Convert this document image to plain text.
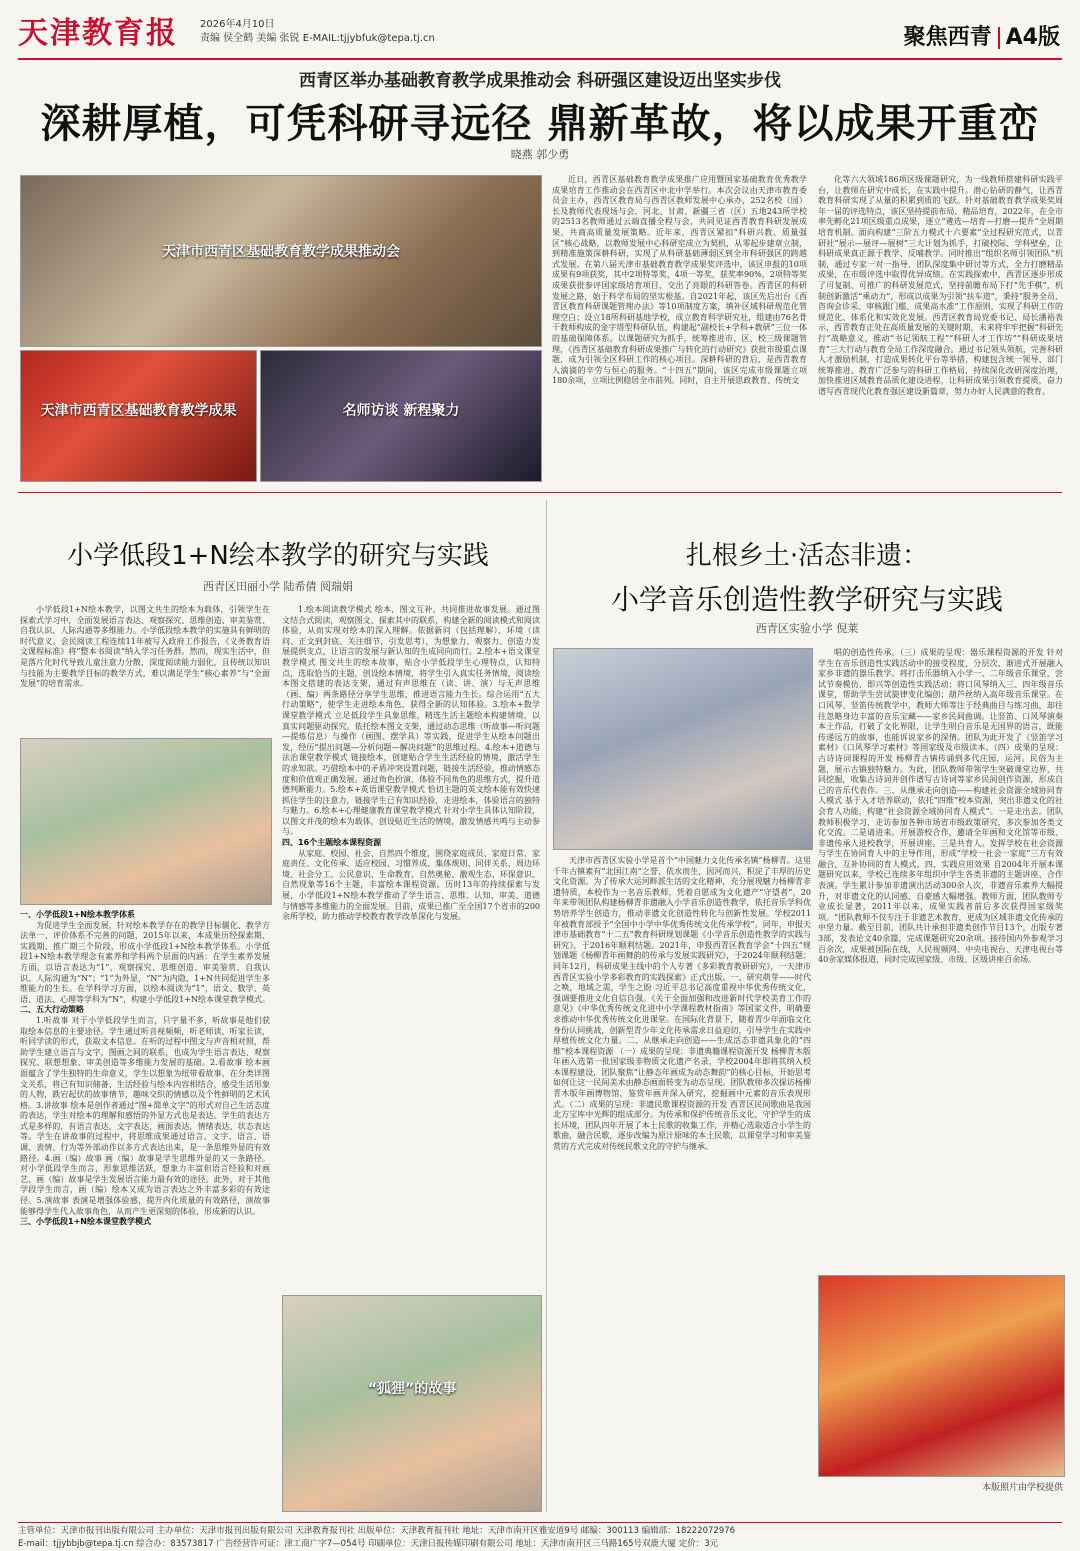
天津教育报	2026年4月10日
责编 侯全鹤 美编 张锐 E-MAIL:tjjybfuk@tepa.tj.cn	聚焦西青 A4版
西青区举办基础教育教学成果推动会 科研强区建设迈出坚实步伐
深耕厚植，可凭科研寻远径 鼎新革故，将以成果开重峦
晓燕 郭少勇
天津市西青区基础教育教学成果推动会
天津市西青区基础教育教学成果	名师访谈 新程聚力

近日，西青区基础教育教学成果推广应用暨国家基础教育优秀教学成果培育工作推动会在西青区中北中学举行。本次会议由天津市教育委员会主办，西青区教育局与西青区教师发展中心承办，252名校（园）长及教师代表现场与会，河北、甘肃、新疆三省（区）五地243所学校的2513名教师通过云端直播全程与会，共同见证西青教育科研发展成果，共商高质量发展策略。近年来，西青区紧扣“科研兴教、质量强区”核心战略，以教师发展中心科研室成立为契机，从零起步建章立制，到精准施策深耕科研，实现了从科研基础薄弱区到全市科研强区的跨越式发展。在第八届天津市基础教育教学成果奖评选中，该区申报的10项成果有9项获奖，其中2项特等奖、4项一等奖，获奖率90%，2项特等奖成果获批参评国家级培育项目，交出了亮眼的科研答卷。西青区的科研发展之路，始于科学布局的坚实根基。自2021年起，该区先后出台《西青区教育科研课题管理办法》等10项制度方案，填补区域科研规范化管理空白；设立18所科研基地学校，成立教育科学研究社，组建由76名骨干教师构成的金字塔型科研队伍，构建起“副校长+学科+教研”三位一体的基础保障体系。以课题研究为抓手，统筹推进市、区、校三级课题管理，《西青区基础教育科研成果推广与转化的行动研究》获批市级重点课题，成为引领全区科研工作的核心项目。深耕科研的背后，是西青教育人滴滴的辛劳与恒心的服务。“十四五”期间，该区完成市级课题立项180余项，立项比例稳居全市前列。同时，自主开展思政教育、传统文

化等六大领域186项区级课题研究，为一线教师搭建科研实践平台，让教师在研究中成长，在实践中提升。潜心钻研的静气，让西青教育科研实现了从量的积累到质的飞跃。针对基础教育教学成果奖周年一届的评选特点，该区坚持提前布局、精品培育，2022年，在全市率先孵化21项区级重点成果，逐立“遴选—培育—打磨—提升”全周期培育机制。面向构建“三阶五力模式十六要素”全过程研究范式，以青研社“展示—展评—展树”三大计划为抓手，打破校际、学科壁垒，让科研成果真正源于教学、反哺教学。同时推出“组织名师引领团队”机制，通过专家一对一指导、团队深度集中研讨等方式，全力打磨精品成果，在市级评选中取得优异成绩。在实践探索中，西青区逐步形成了可复制、可推广的科研发展范式，坚持前瞻布局下打“先手棋”，机制创新激活“乘动力”，形成以成果为引领“扶车道”，秉持“服务全员、咨询会诊采、审核跟门槛、成果高水准”工作原则，实现了科研工作的规范化、体系化和实效化发展。西青区教育局党委书记、局长潘裕表示，西青教育正处在高质量发展的关键时期，未来将牢牢把握“科研先行”战略意义，推动“书记领航工程”“科研人才工作坊”“科研成果培育”三大行动与教育全局工作深度融合。通过书记领头领航，完善科研人才激励机制，打造成果转化平台等举措，构建包含统一领导、部门统筹推进、教育广泛参与的科研工作格局，持续深化改研深度治理，加快推进区域教育品质化建设进程，让科研成果引领教育提质，奋力谱写西青现代化教育强区建设新篇章，努力办好人民满意的教育。

小学低段1+N绘本教学的研究与实践
西青区田丽小学 陆希倩 阅瑞娟

小学低段1+N绘本教学，以图文共生的绘本为载体，引领学生在探索式学习中，全面发展语言表达、观察探究、思维创造、审美鉴赏、自我认识、人际沟通等多维能力。小学低段绘本教学的实施具有鲜明的时代意义。会民阅读工程连续11年被写入政府工作报告，《义务教育语文课程标准》将“整本书阅读”纳入学习任务群。然而，现实生活中，但是落片化时代导致儿童注意力分散，深度阅读能力弱化，且传统以知识与技能为主要教学目标的教学方式，难以满足学生“核心素养”与“全面发展”的培育需求。

一、小学低段1+N绘本教学体系

为促进学生全面发展，针对绘本教学存在的教学目标僵化、教学方法单一、评价体系不完善的问题，2015年以来，本成果历经探索期、实践期、推广期三个阶段，形成小学低段1+N绘本教学体系。小学低段1+N绘本教学理念有素养和学科两个层面的内涵：在学生素养发展方面，以语言表达为“1”，观察探究、思维创造、审美鉴赏、自我认识、人际沟通为“N”；“1”为外显，“N”为内隐，1+N共同促进学生多维能力的生长。在学科学习方面，以绘本阅读为“1”，语文、数学、英语、道法、心理等学科为“N”，构建小学低段1+N绘本课堂教学模式。

二、五大行动策略

1.听故事 对于小学低段学生而言，只字量不多，听故事是他们获取绘本信息的主要途径。学生通过听音视频频，听老师读，听家长读，听同学读的形式，获取文本信息。在听的过程中图文与声音相对照，帮助学生建立语言与文字，图画之间的联系，也成为学生语言表达、观察探究、联想想象、审美创造等多维能力发展的基础。2.看故事 绘本画面蕴含了学生独特的生命意义，学生以想象为纽带看故事，在分类详图文关系，将已有知识储备、生活经验与绘本内容相结合，感受生活形象的人物，跌宕起伏的故事情节，趣味交织的情感以及个性鲜明的艺术风格。3.讲故事 绘本是创作者通过“图+简单文字”的形式对自己生活态度的表达，学生对绘本的理解和感悟的外显方式也是表达。学生的表达方式是多样的，有语言表达，文字表达，画面表达，情绪表达，状态表达等。学生在讲故事的过程中，将思维成果通过语言、文字、语言、语调、表情、行为等外部动作以多方式表达出来，是一条思维外显的有效路径。4.画（编）故事 画（编）故事是学生思维外显的又一条路径。对小学低段学生而言，形象思维活跃，想象力丰富但语言经验和对画艺、画（编）故事是学生发展语言能力最有效的途径。此外，对于其他学段学生而言，画（编）绘本又成为语言表达之外丰富多彩的有效途径。5.演故事 表演是增强体验感，提升内化质量的有效路径，演故事能够得学生代入故事角色，从而产生更深刻的体验，形成新的认识。

三、小学低段1+N绘本课堂教学模式

1.绘本阅读教学模式 绘本，图文互补，共同推进故事发展。通过图文结合式阅读，观察图文、探索其中的联系，构建全新的阅读模式和阅读体验，从而实现对绘本的深入理解。依据新问（包括理解）、环境（读问、正文到封底、关注细节，引发思考），为想象力、观察力、创造力发展提供支点，让语言的发展与新认知的生成同向而行。2.绘本+语文课堂教学模式 图文共生的绘本故事，贴合小学低段学生心理特点，认知特点，选取恰当的主题，创设绘本情境，将学生引入真实任务情境，阅读绘本图文搭建的表达支架，通过有声思维在（读、讲、演）与无声思维（画、编）两条路径分享学生思维，推进语言能力生长。综合运用“五大行动策略”，使学生走进绘本角色，获得全新的认知体验。3.绘本+数学课堂教学模式 立足低段学生具象思维，精选生活主题绘本构建情境，以真实问题驱动探究。依托绘本图文支架，通过动态思维（听故事—听问题—提炼信息）与操作（画图、摆学具）等实践，促进学生从绘本问题出发，经历“提出问题—分析问题—解决问题”的思维过程。4.绘本+道德与法治课堂教学模式 链接绘本，创建贴合学生生活经验的情境，激活学生的求知欲。巧借绘本中的矛盾冲突设置问题，链接生活经验，推动情感态度和价值观正确发展。通过角色扮演、体验不同角色的思维方式，提升道德判断能力。5.绘本+英语课堂教学模式 恰切主题的英文绘本能有效快速抓住学生的注意力，链接学生已有知识经验，走进绘本，体验语言的独特与魅力。6.绘本+心理健康教育课堂教学模式 针对小学生具体认知阶段，以图文并茂的绘本为载体，创设贴近生活的情境，激发情感共鸣与主动参与。

四、16个主题绘本课程资源

从家庭、校园、社会、自然四个维度，围绕家庭成员、家庭日常、家庭责任、文化传承、适应校园、习惯养成、集体规则、同伴关系、周边环境、社会分工、公民意识、生命教育、自然奥秘、激观生态、环保意识、自然现象等16个主题，丰富绘本课程资源。历时13年的持续探索与发展，小学低段1+N绘本教学推动了学生语言、思维、认知、审美、道德与情感等多维能力的全面发展。目前，成果已推广至全国17个省市的200余所学校，助力推动学校教育教学改革深化与发展。

“狐狸”的故事
扎根乡土·活态非遗：
小学音乐创造性教学研究与实践
西青区实验小学 倪莱

天津市西青区实验小学是首个“中国魅力文化传承名镇”杨柳青。这里千年古镇素有“北国江南”之誉，依水而生，因河而兴，积淀了丰厚的历史文化资源。为了传承大运河畔派生活的文化精神，充分展现魅力杨柳青非遗特质，本校作为一名音乐教师，凭着自愿成为文化遗产“守望者”，20年来带领团队构建杨柳青非遗融入小学音乐创造性教学，依托音乐学科优势培养学生创造力，推动非遗文化创造性转化与创新性发展。学校2011年被教育部授予“全国中小学中华优秀传统文化传承学校”。同年，申报天津市基础教育“十二五”教育科研规划课题《小学音乐创造性教学的实践与研究》，于2016年顺利结题。2021年，申报西青区教育学会“十四五”规划课题《杨柳青年画舞韵的传承与发展实践研究》，于2024年顺利结题；同年12月，科研成果主线中的个人专著《多彩教育教研研究》，一天津市西青区实验小学多彩教育的实践探索》正式出版。一、研究萌芽——时代之唤，地域之需，学生之盼 习近平总书记高度重视中华优秀传统文化，强调要推进文化自信自强。《关于全面加强和改进新时代学校美育工作的意见》《中华优秀传统文化进中小学课程教材指南》等国家文件，明确要求推动中华优秀传统文化进课堂。在国际化背景下，随着青少年面临文化身份认同挑战，创新型青少年文化传承需求日益迫切，引导学生在实践中厚植传统文化力量。二、从继承走向创造——生成活态非遗具象化的“四维”校本课程资源 （一）成果的呈现：非遗典籍课程资源开发 杨柳青木版年画入选第一批国家级非物质文化遗产名录，学校2004年即将其纳入校本课程建设，团队聚焦“让静态年画成为动态舞韵”的核心目标，开始思考如何让这一民间美术由静态画面转变为动态呈现。团队教师多次探访杨柳青木版年画博物馆，鉴赏年画并深入研究，挖掘画中元素的音乐表现形式。（二）成果的呈现：非遗民歌课程资源的开发 西青区民间歌曲是我国北方宝库中光辉的组成部分。为传承和保护传统音乐文化，守护学生的成长环境，团队四年开展了本土民歌的收集工作，并精心选取适合小学生的歌曲，融合民歌，逐步改编为原汁原味的本土民歌，以课堂学习和审美鉴赏的方式完成对传统民歌文化的守护与继承。

唱的创造性传承。（三）成果的呈现：器乐课程资源的开发 针对学生在音乐创造性实践活动中的接受程度，分层次、渐进式开展融入家乡非遗的器乐教学。将打击乐器纳入小学一、二年级音乐课堂，尝试节奏模仿、即兴等创造性实践活动；将口风琴纳入三、四年级音乐课堂，帮助学生尝试旋律变化编创；葫芦丝纳入高年级音乐课堂。在口风琴、竖笛传统教学中，教师大师等注于经典曲目与练习曲，却往往忽略身边丰富的音乐宝藏——家乡民间曲调。让竖笛、口风琴演奏本土作品，打破了文化界限，让学生明白音乐是无国界的语言，既能传递远方的故事，也能诉说家乡的深情。团队为此开发了《竖笛学习素材》《口风琴学习素材》等国家级及市级读本。（四）成果的呈现：古诗诗词课程的开发 杨柳青古镇传诵到多代庄园，运河。民俗为主题，展示古镇独特魅力。为此，团队教师带领学生突破课堂边界，共同挖掘，收集古诗词并创作谱写古诗词等家乡民间创作资源，形成自己的音乐代表作。三、从继承走向创造——构建社会资源全域协同育人模式 基于入才培养联动，依托“四维”校本资源，突出非遗文化的社会育人功能，构建“社会资源全域协同育人模式”。一是走出去。团队教师积极学习，走访参加各种市场省市级政策研究，多次参加各类文化交流。二是请进来。开展游校合作，邀请全年画和文化馆等市级、非遗传承人进校教学，开展讲座。三是共育人。发挥学校在社会资源与学生在协同育人中的主导作用，形成“学校一社会一家庭”三方有效融合，互补协同的育人模式。四、实践应用效果 自2004年开展本课题研究以来，学校已连续多年组织中学生各类非遗的主题讲座、合作表演。学生累计参加非遗演出活动300余人次，非遗音乐素养大幅提升，对非遗文化的认同感、自豪感大幅增强。教师方面，团队教师专业成长显著，2011年以来，成果实践者前后多次获得国家级奖项。“团队教师不仅专注于非遗艺术教育，更成为区域非遗文化传承的中坚力量。截至目前，团队共计承担非遗类创作节目13个，出版专著3部，发表论文40余篇，完成课题研究20余项。接待国内外参观学习百余次，成果被国际在线、人民视频网、中央电视台、天津电视台等40余家媒体报道，同时完成国家级、市级、区级讲座百余场。

本版照片由学校提供
主管单位：天津市报刊出版有限公司 主办单位：天津市报刊出版有限公司 天津教育报刊社 出版单位：天津教育报刊社 地址：天津市南开区雅安道9号 邮编：300113 编辑部：18222072976
E-mail：tjjybbjb@tepa.tj.cn 综合办：83573817 广告经营许可证：津工商广字7—054号 印刷单位：天津日报传媒印刷有限公司 地址：天津市南开区三马路165号双鹿大厦 定价：3元
